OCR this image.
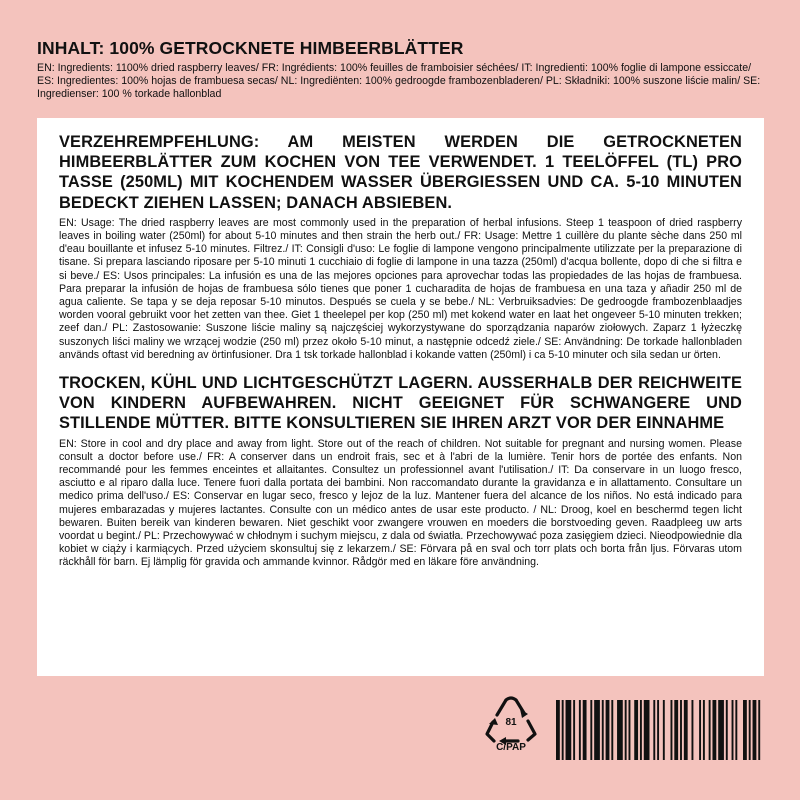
INHALT: 100% GETROCKNETE HIMBEERBLÄTTER

EN: Ingredients: 1100% dried raspberry leaves/ FR: Ingrédients: 100% feuilles de framboisier séchées/ IT: Ingredienti: 100% foglie di lampone essiccate/ ES: Ingredientes: 100% hojas de frambuesa secas/ NL: Ingrediënten: 100% gedroogde frambozenbladeren/ PL: Składniki: 100% suszone liście malin/ SE: Ingredienser: 100 % torkade hallonblad

VERZEHREMPFEHLUNG: AM MEISTEN WERDEN DIE GETROCKNETEN HIMBEERBLÄTTER ZUM KOCHEN VON TEE VERWENDET. 1 TEELÖFFEL (TL) PRO TASSE (250ML) MIT KOCHENDEM WASSER ÜBERGIESSEN UND CA. 5-10 MINUTEN BEDECKT ZIEHEN LASSEN; DANACH ABSIEBEN.

EN: Usage: The dried raspberry leaves are most commonly used in the preparation of herbal infusions. Steep 1 teaspoon of dried raspberry leaves in boiling water (250ml) for about 5-10 minutes and then strain the herb out./ FR: Usage: Mettre 1 cuillère du plante sèche dans 250 ml d'eau bouillante et infusez 5-10 minutes. Filtrez./ IT: Consigli d'uso: Le foglie di lampone vengono principalmente utilizzate per la preparazione di tisane. Si prepara lasciando riposare per 5-10 minuti 1 cucchiaio di foglie di lampone in una tazza (250ml) d'acqua bollente, dopo di che si filtra e si beve./ ES: Usos principales: La infusión es una de las mejores opciones para aprovechar todas las propiedades de las hojas de frambuesa. Para preparar la infusión de hojas de frambuesa sólo tienes que poner 1 cucharadita de hojas de frambuesa en una taza y añadir 250 ml de agua caliente. Se tapa y se deja reposar 5-10 minutos. Después se cuela y se bebe./ NL: Verbruiksadvies: De gedroogde frambozenblaadjes worden vooral gebruikt voor het zetten van thee. Giet 1 theelepel per kop (250 ml) met kokend water en laat het ongeveer 5-10 minuten trekken; zeef dan./ PL: Zastosowanie: Suszone liście maliny są najczęściej wykorzystywane do sporządzania naparów ziołowych. Zaparz 1 łyżeczkę suszonych liści maliny we wrzącej wodzie (250 ml) przez około 5-10 minut, a następnie odcedź ziele./ SE: Användning: De torkade hallonbladen används oftast vid beredning av örtinfusioner. Dra 1 tsk torkade hallonblad i kokande vatten (250ml) i ca 5-10 minuter och sila sedan ur örten.

TROCKEN, KÜHL UND LICHTGESCHÜTZT LAGERN. AUSSERHALB DER REICHWEITE VON KINDERN AUFBEWAHREN. NICHT GEEIGNET FÜR SCHWANGERE UND STILLENDE MÜTTER. BITTE KONSULTIEREN SIE IHREN ARZT VOR DER EINNAHME

EN: Store in cool and dry place and away from light. Store out of the reach of children. Not suitable for pregnant and nursing women. Please consult a doctor before use./ FR: A conserver dans un endroit frais, sec et à l'abri de la lumière. Tenir hors de portée des enfants. Non recommandé pour les femmes enceintes et allaitantes. Consultez un professionnel avant l'utilisation./ IT: Da conservare in un luogo fresco, asciutto e al riparo dalla luce. Tenere fuori dalla portata dei bambini. Non raccomandato durante la gravidanza e in allattamento. Consultare un medico prima dell'uso./ ES: Conservar en lugar seco, fresco y lejoz de la luz. Mantener fuera del alcance de los niños. No está indicado para mujeres embarazadas y mujeres lactantes. Consulte con un médico antes de usar este producto. / NL: Droog, koel en beschermd tegen licht bewaren. Buiten bereik van kinderen bewaren. Niet geschikt voor zwangere vrouwen en moeders die borstvoeding geven. Raadpleeg uw arts voordat u begint./ PL: Przechowywać w chłodnym i suchym miejscu, z dala od światła. Przechowywać poza zasięgiem dzieci. Nieodpowiednie dla kobiet w ciąży i karmiących. Przed użyciem skonsultuj się z lekarzem./ SE: Förvara på en sval och torr plats och borta från ljus. Förvaras utom räckhåll för barn. Ej lämplig för gravida och ammande kvinnor. Rådgör med en läkare före användning.

81
C/PAP
